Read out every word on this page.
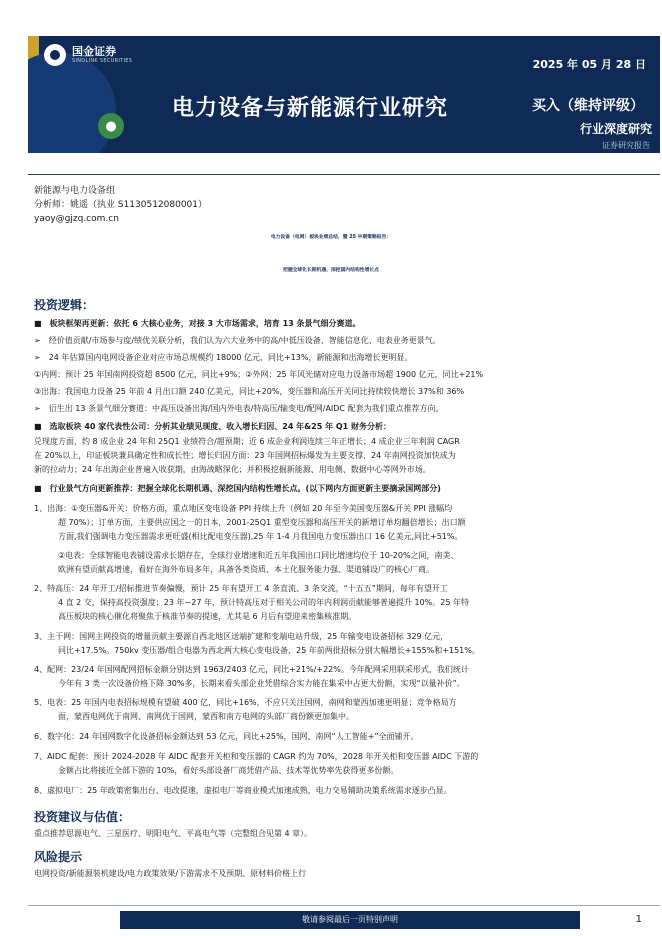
国金证券
SINOLINK SECURITIES	2025 年 05 月 28 日
●
电力设备与新能源行业研究	买入（维持评级）
行业深度研究
证券研究报告
新能源与电力设备组
分析师：姚遥（执业 S1130512080001）
yaoy@gjzq.com.cn
电力设备（电网）板块业绩总结，暨 25 中期策略报告：
把握全球化长期机遇、深挖国内结构性增长点
投资逻辑：
■　板块框架再更新：依托 6 大核心业务，对接 3 大市场需求，培育 13 条景气细分赛道。
➢　经价值贡献/市场参与度/绩优关联分析，我们认为六大业务中的高/中低压设备、智能信息化、电表业务更景气。
➢　24 年估算国内电网设备企业对应市场总规模约 18000 亿元，同比+13%，新能源和出海增长更明显。
①内网：预计 25 年国南网投资超 8500 亿元，同比+9%；②外网：25 年风光储对应电力设备市场超 1900 亿元，同比+21%
③出海：我国电力设备 25 年前 4 月出口额 240 亿美元，同比+20%，变压器和高压开关同比持续较快增长 37%和 36%
➢　衍生出 13 条景气细分赛道：中高压设备出海/国内外电表/特高压/输变电/配网/AIDC 配套为我们重点推荐方向。
■　选取板块 40 家代表性公司：分析其业绩见现度、收入增长归因、24 年&25 年 Q1 财务分析：
兑现度方面，约 8 成企业 24 年和 25Q1 业绩符合/超预期；近 6 成企业利润连续三年正增长；4 成企业三年利润 CAGR
在 20%以上，印证板块兼具确定性和成长性；增长归因方面：23 年国网招标爆发为主要支撑，24 年南网投资加快成为
新的拉动力；24 年出海企业普遍入收获期，由海战略深化；并积极挖掘新能源、用电侧、数据中心等网外市场。
■　行业景气方向更新推荐：把握全球化长期机遇、深挖国内结构性增长点。(以下网内方面更新主要摘录国网部分)
1、出海：①变压器&开关：价格方面，重点地区变电设备 PPI 持续上升（例如 20 年至今美国变压器&开关 PPI 涨幅均
超 70%）；订单方面，主要供应国之一的日本，2001-25Q1 重型变压器和高压开关的新增订单均翻倍增长；出口额
方面,我们强调电力变压器需求更旺盛(相比配电变压器),25 年 1-4 月我国电力变压器出口 16 亿美元,同比+51%。
②电表：全球智能电表铺设需求长期存在，全球行业增速和近五年我国出口同比增速均位于 10-20%之间，南美、
欧洲有望贡献高增速，看好在海外布局多年，具备各类资质、本土化服务能力强、渠道铺设广的核心厂商。
2、特高压：24 年开工/招标推进节奏偏慢，预计 25 年有望开工 4 条直流、3 条交流，“十五五”期间，每年有望开工
4 直 2 交，保持高投资强度；23 年~27 年，预计特高压对于相关公司的年内利润贡献能够普遍提升 10%。25 年特
高压板块的核心催化将聚焦于核准节奏的提速，尤其是 6 月后有望迎来密集核准期。
3、主干网：国网主网投资的增量贡献主要源自西北地区送端扩建和变端电站升级，25 年输变电设备招标 329 亿元，
同比+17.5%。750kv 变压器/组合电器为西北两大核心变电设备，25 年前两批招标分别大幅增长+155%和+151%。
4、配网：23/24 年国网配网招标金额分别达到 1963/2403 亿元，同比+21%/+22%。今年配网采用联采形式，我们统计
今年有 3 类一次设备价格下降 30%多，长期来看头部企业凭借综合实力能在集采中占更大份额，实现“以量补价”。
5、电表：25 年国内电表招标规模有望破 400 亿，同比+16%，不应只关注国网，南网和蒙西加速更明显；竞争格局方
面，蒙西电网优于南网、南网优于国网，蒙西和南方电网的头部厂商份额更加集中。
6、数字化：24 年国网数字化设备招标金额达到 53 亿元，同比+25%，国网、南网“人工智能+”全面铺开。
7、AIDC 配套：预计 2024-2028 年 AIDC 配套开关柜和变压器的 CAGR 约为 70%，2028 年开关柜和变压器 AIDC 下游的
金额占比将接近全部下游的 10%，看好头部设备厂商凭借产品、技术等优势率先获得更多份额。
8、虚拟电厂：25 年政策密集出台、电改提速，虚拟电厂等商业模式加速成熟，电力交易辅助决策系统需求逐步凸显。
投资建议与估值：
重点推荐思源电气、三星医疗、明阳电气、平高电气等（完整组合见第 4 章）。
风险提示
电网投资/新能源装机建设/电力政策效果/下游需求不及预期、原材料价格上行
敬请参阅最后一页特别声明	1
